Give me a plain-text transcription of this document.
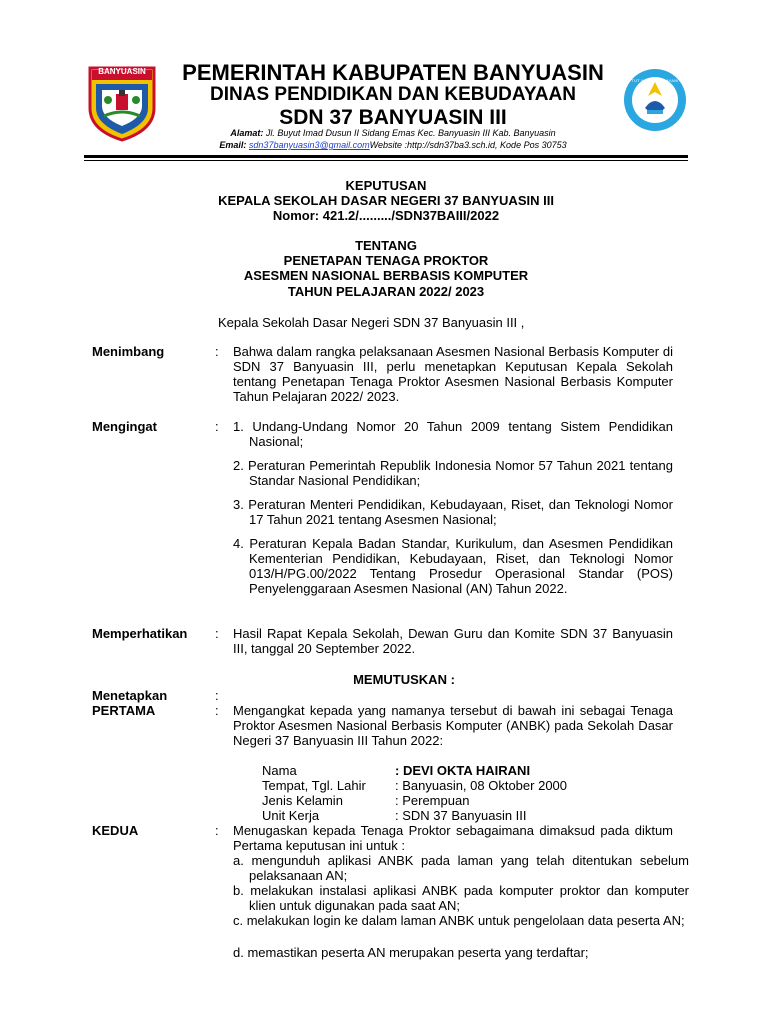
BANYUASIN
TUT WURI HANDAYANI
PEMERINTAH KABUPATEN BANYUASIN
DINAS PENDIDIKAN DAN KEBUDAYAAN
SDN 37 BANYUASIN III
Alamat: Jl. Buyut Imad Dusun II Sidang Emas Kec. Banyuasin III Kab. Banyuasin
Email: sdn37banyuasin3@gmail.comWebsite :http://sdn37ba3.sch.id, Kode Pos 30753
KEPUTUSAN
KEPALA SEKOLAH DASAR NEGERI 37 BANYUASIN III
Nomor: 421.2/........./SDN37BAIII/2022
TENTANG
PENETAPAN TENAGA PROKTOR
ASESMEN NASIONAL BERBASIS KOMPUTER
TAHUN PELAJARAN 2022/ 2023
Kepala Sekolah Dasar Negeri SDN 37 Banyuasin III ,
Menimbang	: Bahwa dalam rangka pelaksanaan Asesmen Nasional Berbasis Komputer di SDN 37 Banyuasin III, perlu menetapkan Keputusan Kepala Sekolah tentang Penetapan Tenaga Proktor Asesmen Nasional Berbasis Komputer Tahun Pelajaran 2022/ 2023.
Mengingat	: 1. Undang-Undang Nomor 20 Tahun 2009 tentang Sistem Pendidikan Nasional;
2. Peraturan Pemerintah Republik Indonesia Nomor 57 Tahun 2021 tentang Standar Nasional Pendidikan;
3. Peraturan Menteri Pendidikan, Kebudayaan, Riset, dan Teknologi Nomor 17 Tahun 2021 tentang Asesmen Nasional;
4. Peraturan Kepala Badan Standar, Kurikulum, dan Asesmen Pendidikan Kementerian Pendidikan, Kebudayaan, Riset, dan Teknologi Nomor 013/H/PG.00/2022 Tentang Prosedur Operasional Standar (POS) Penyelenggaraan Asesmen Nasional (AN) Tahun 2022.
Memperhatikan : Hasil Rapat Kepala Sekolah, Dewan Guru dan Komite SDN 37 Banyuasin III, tanggal 20 September 2022.
MEMUTUSKAN :
Menetapkan	:
PERTAMA	: Mengangkat kepada yang namanya tersebut di bawah ini sebagai Tenaga Proktor Asesmen Nasional Berbasis Komputer (ANBK) pada Sekolah Dasar Negeri 37 Banyuasin III Tahun 2022:
Nama	: DEVI OKTA HAIRANI
Tempat, Tgl. Lahir : Banyuasin, 08 Oktober 2000
Jenis Kelamin	: Perempuan
Unit Kerja	: SDN 37 Banyuasin III
KEDUA	: Menugaskan kepada Tenaga Proktor sebagaimana dimaksud pada diktum Pertama keputusan ini untuk :
a. mengunduh aplikasi ANBK pada laman yang telah ditentukan sebelum pelaksanaan AN;
b. melakukan instalasi aplikasi ANBK pada komputer proktor dan komputer klien untuk digunakan pada saat AN;
c. melakukan login ke dalam laman ANBK untuk pengelolaan data peserta AN;
d. memastikan peserta AN merupakan peserta yang terdaftar;
